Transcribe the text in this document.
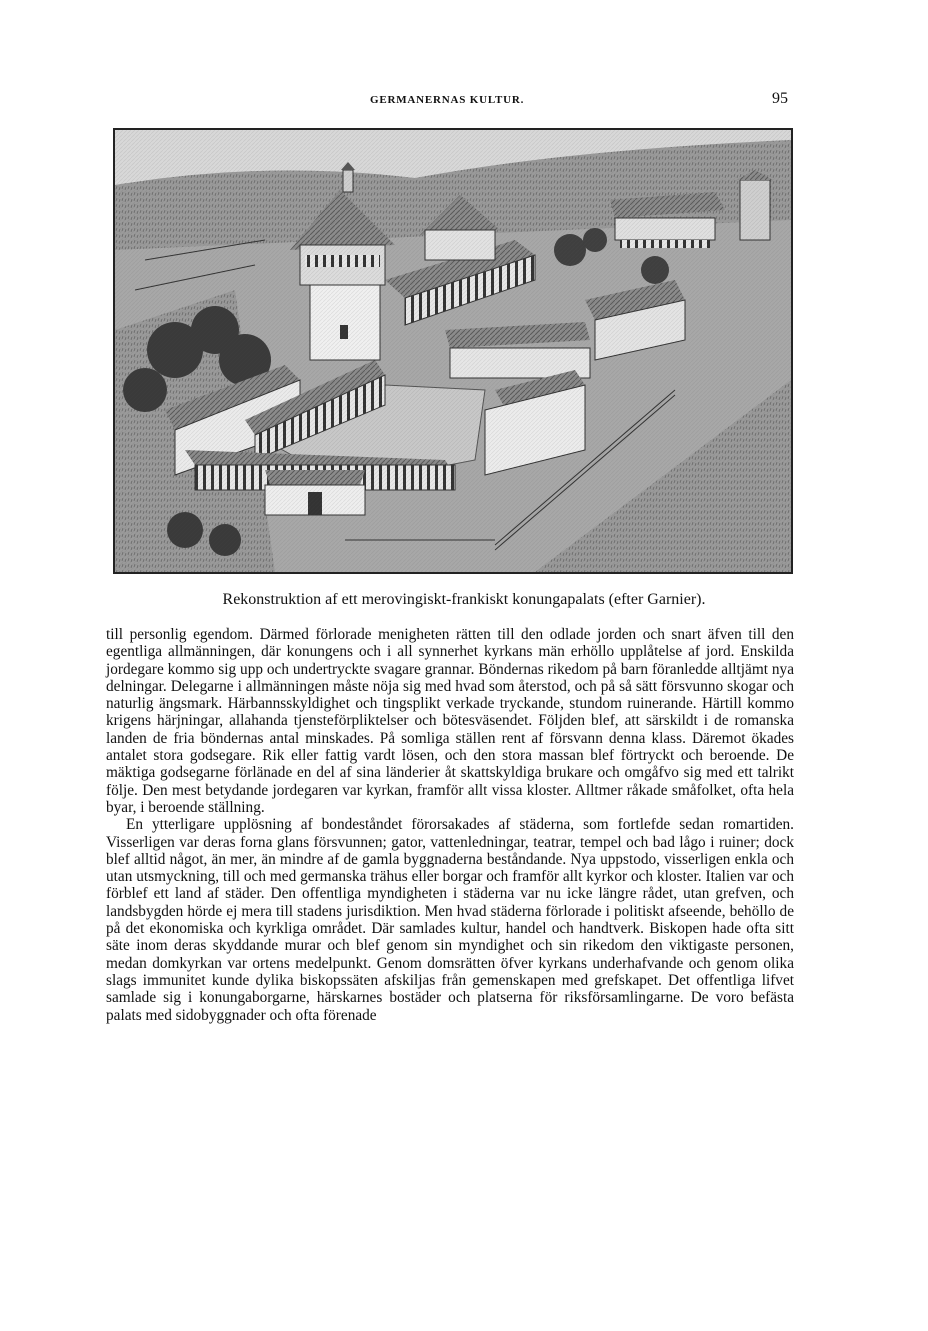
GERMANERNAS KULTUR.	95
Rekonstruktion af ett merovingiskt-frankiskt konungapalats (efter Garnier).

till personlig egendom. Därmed förlorade menigheten rätten till den odlade jorden och snart äfven till den egentliga allmänningen, där konungens och i all synnerhet kyrkans män erhöllo upplåtelse af jord. Enskilda jordegare kommo sig upp och undertryckte svagare grannar. Böndernas rikedom på barn föranledde alltjämt nya delningar. Delegarne i allmänningen måste nöja sig med hvad som återstod, och på så sätt försvunno skogar och naturlig ängsmark. Härbannsskyldighet och tingsplikt verkade tryckande, stundom ruinerande. Härtill kommo krigens härjningar, allahanda tjensteförpliktelser och bötesväsendet. Följden blef, att särskildt i de romanska landen de fria böndernas antal minskades. På somliga ställen rent af försvann denna klass. Däremot ökades antalet stora godsegare. Rik eller fattig vardt lösen, och den stora massan blef förtryckt och beroende. De mäktiga godsegarne förlänade en del af sina länderier åt skattskyldiga brukare och omgåfvo sig med ett talrikt följe. Den mest betydande jordegaren var kyrkan, framför allt vissa kloster. Alltmer råkade småfolket, ofta hela byar, i beroende ställning.

En ytterligare upplösning af bondeståndet förorsakades af städerna, som fortlefde sedan romartiden. Visserligen var deras forna glans försvunnen; gator, vattenledningar, teatrar, tempel och bad lågo i ruiner; dock blef alltid något, än mer, än mindre af de gamla byggnaderna beståndande. Nya uppstodo, visserligen enkla och utan utsmyckning, till och med germanska trähus eller borgar och framför allt kyrkor och kloster. Italien var och förblef ett land af städer. Den offentliga myndigheten i städerna var nu icke längre rådet, utan grefven, och landsbygden hörde ej mera till stadens jurisdiktion. Men hvad städerna förlorade i politiskt afseende, behöllo de på det ekonomiska och kyrkliga området. Där samlades kultur, handel och handtverk. Biskopen hade ofta sitt säte inom deras skyddande murar och blef genom sin myndighet och sin rikedom den viktigaste personen, medan domkyrkan var ortens medelpunkt. Genom domsrätten öfver kyrkans underhafvande och genom olika slags immunitet kunde dylika biskopssäten afskiljas från gemenskapen med grefskapet. Det offentliga lifvet samlade sig i konungaborgarne, härskarnes bostäder och platserna för riksförsamlingarne. De voro befästa palats med sidobyggnader och ofta förenade
